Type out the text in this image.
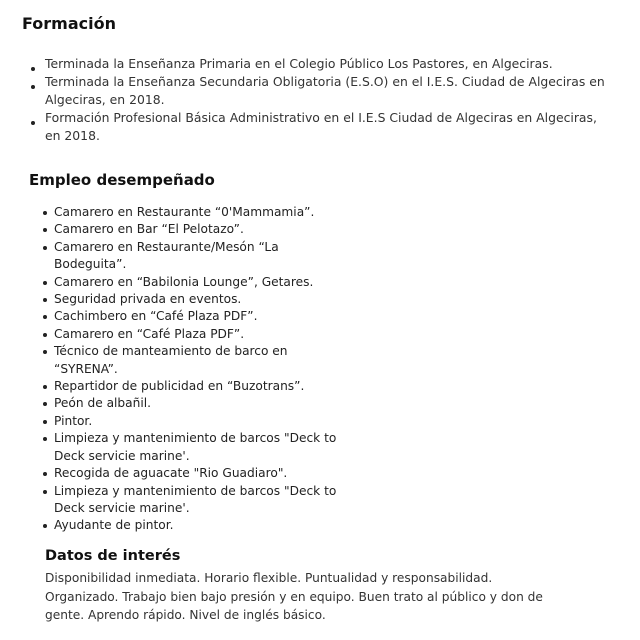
Formación
Terminada la Enseñanza Primaria en el Colegio Público Los Pastores, en Algeciras.
Terminada la Enseñanza Secundaria Obligatoria (E.S.O) en el I.E.S. Ciudad de Algeciras en Algeciras, en 2018.
Formación Profesional Básica Administrativo en el I.E.S Ciudad de Algeciras en Algeciras, en 2018.
Empleo desempeñado
Camarero en Restaurante “0'Mammamia”.
Camarero en Bar “El Pelotazo”.
Camarero en Restaurante/Mesón “La Bodeguita”.
Camarero en “Babilonia Lounge”, Getares.
Seguridad privada en eventos.
Cachimbero en “Café Plaza PDF”.
Camarero en “Café Plaza PDF”.
Técnico de manteamiento de barco en “SYRENA”.
Repartidor de publicidad en “Buzotrans”.
Peón de albañil.
Pintor.
Limpieza y mantenimiento de barcos "Deck to Deck servicie marine'.
Recogida de aguacate "Rio Guadiaro".
Limpieza y mantenimiento de barcos "Deck to Deck servicie marine'.
Ayudante de pintor.
Datos de interés

Disponibilidad inmediata. Horario flexible. Puntualidad y responsabilidad. Organizado. Trabajo bien bajo presión y en equipo. Buen trato al público y don de gente. Aprendo rápido. Nivel de inglés básico.
